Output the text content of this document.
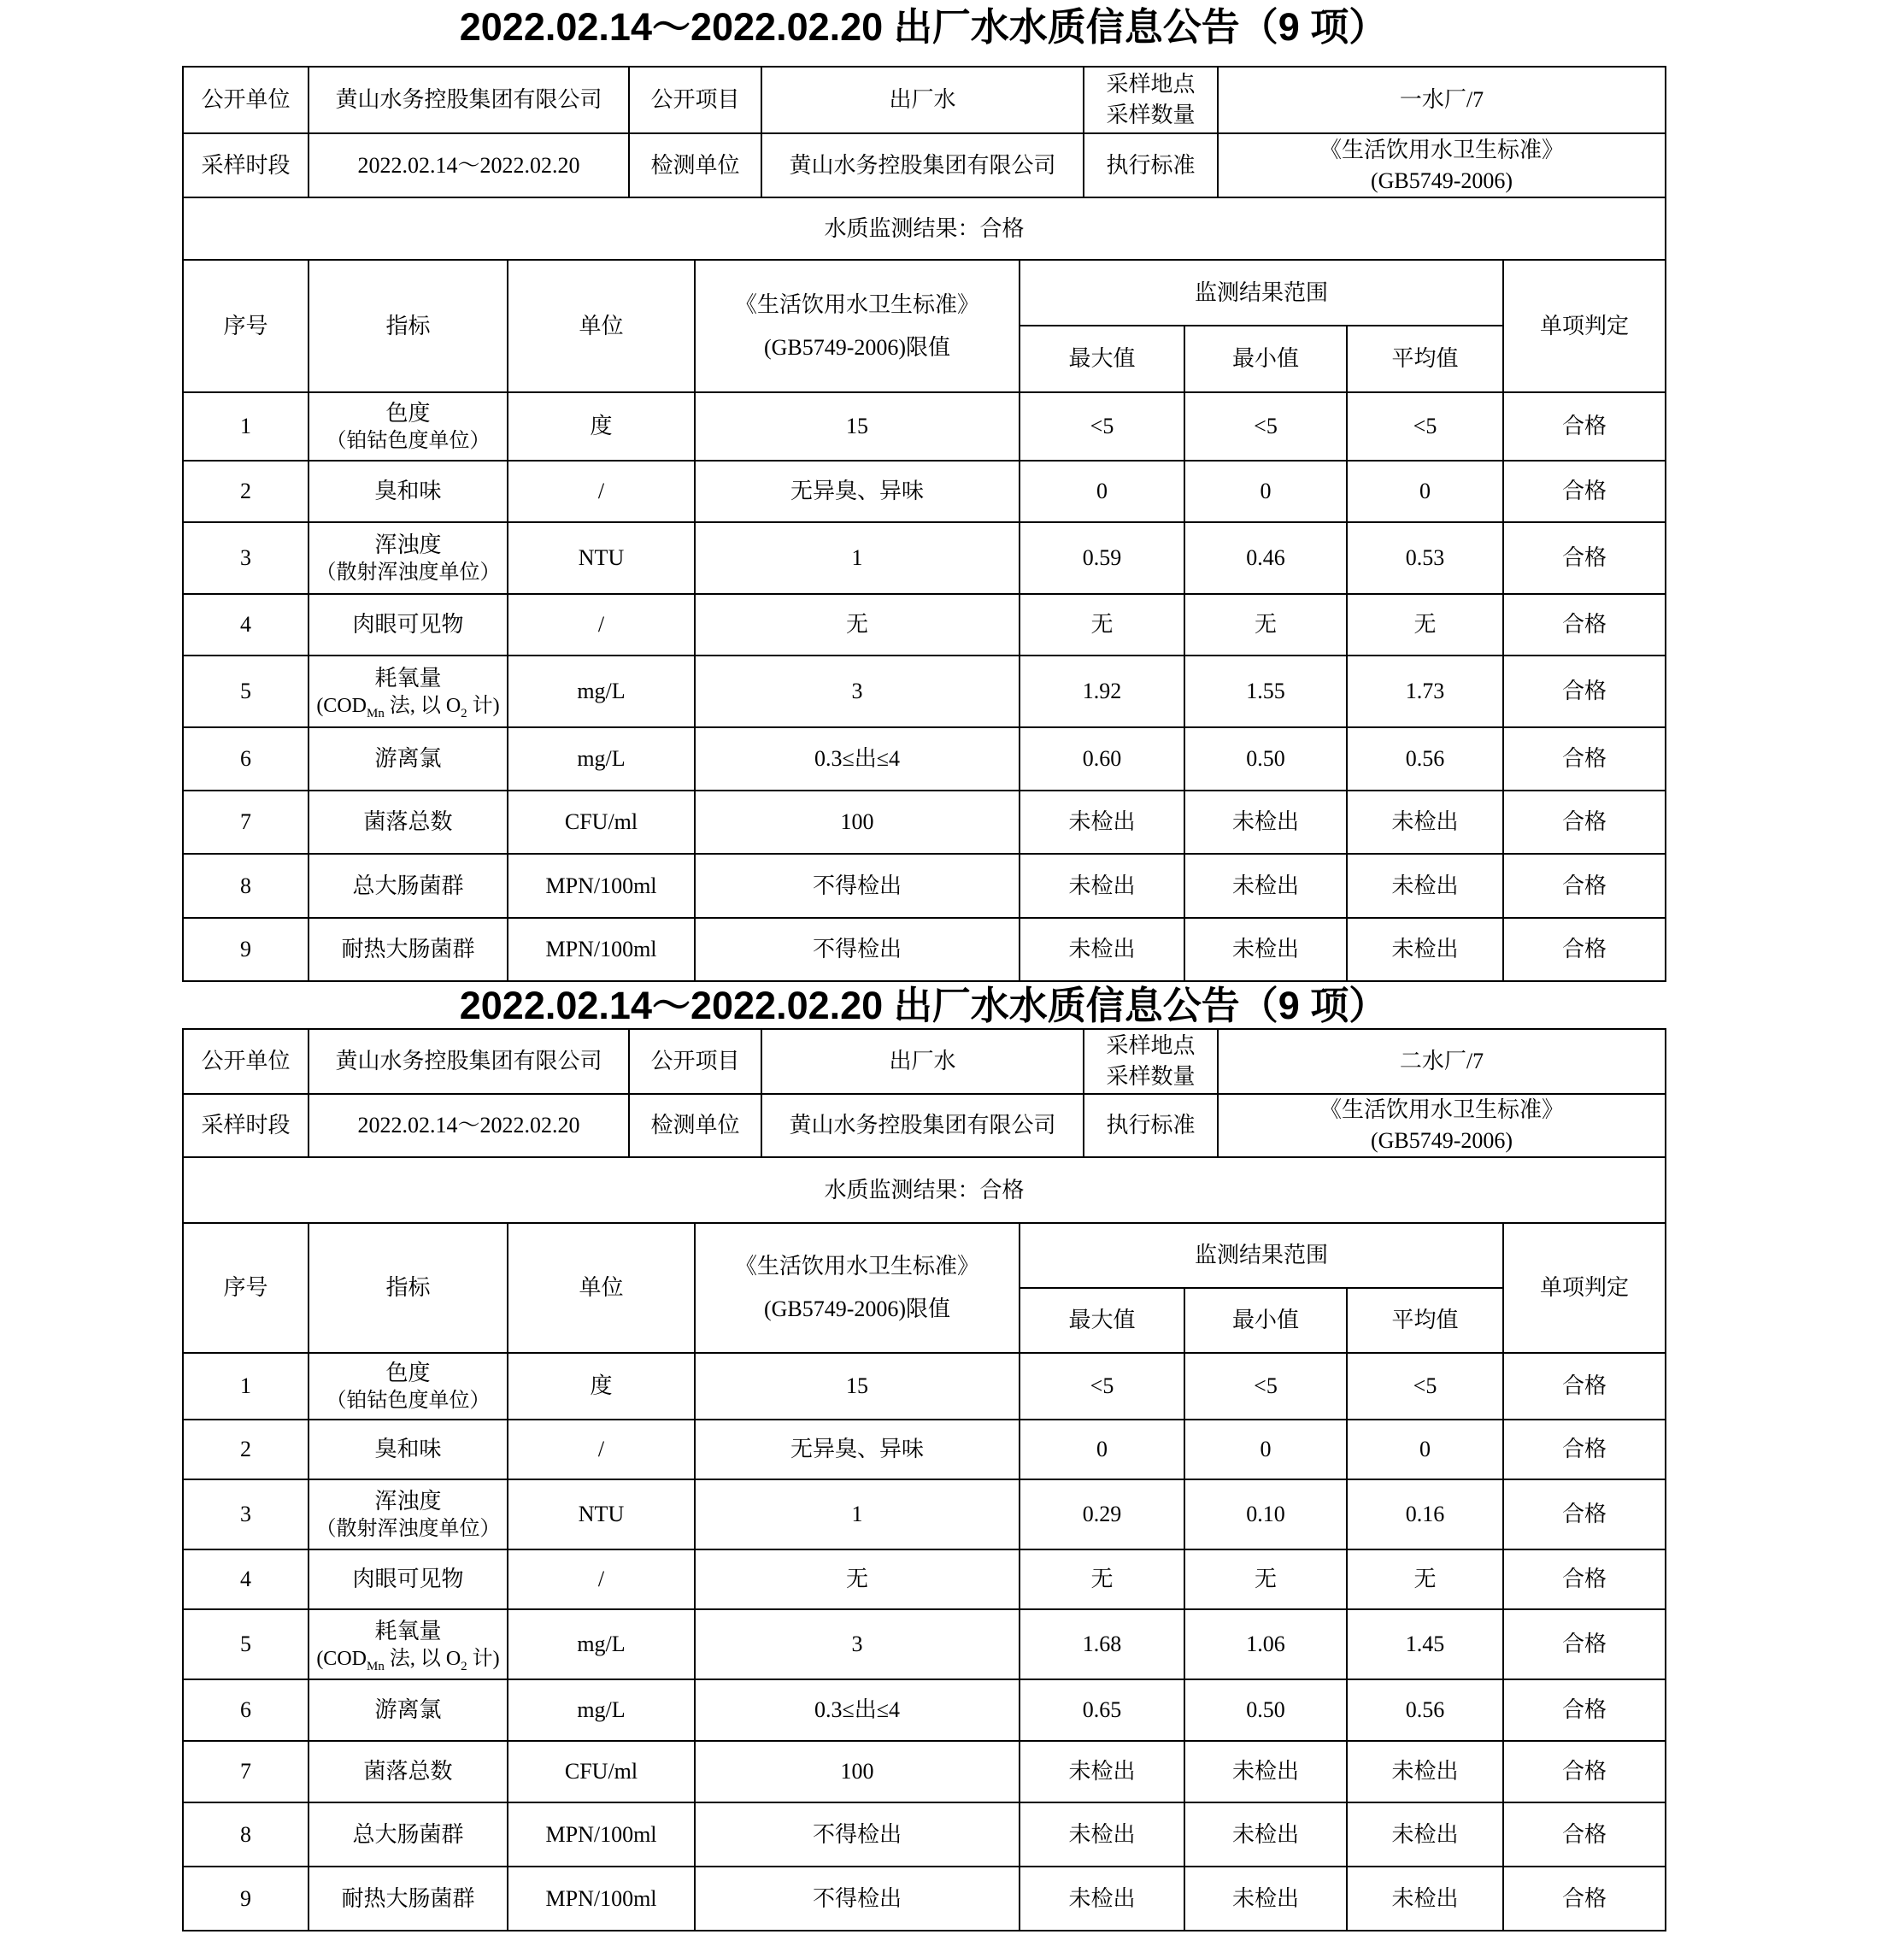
2022.02.14～2022.02.20 出厂水水质信息公告（9 项）
公开单位	黄山水务控股集团有限公司	公开项目	出厂水	采样地点
采样数量	一水厂/7
采样时段	2022.02.14～2022.02.20	检测单位	黄山水务控股集团有限公司	执行标准	《生活饮用水卫生标准》
(GB5749-2006)

水质监测结果：合格					
序号	指标	单位	《生活饮用水卫生标准》
(GB5749-2006)限值	监测结果范围			单项判定
				最大值	最小值	平均值	
1	色度
（铂钴色度单位）	度	15	<5	<5	<5	合格
2	臭和味	/	无异臭、异味	0	0	0	合格
3	浑浊度
（散射浑浊度单位）	NTU	1	0.59	0.46	0.53	合格
4	肉眼可见物	/	无	无	无	无	合格
5	耗氧量
($COD_{Mn}$ 法, 以 $O_2$ 计)	mg/L	3	1.92	1.55	1.73	合格
6	游离氯	mg/L	0.3≤出≤4	0.60	0.50	0.56	合格
7	菌落总数	CFU/ml	100	未检出	未检出	未检出	合格
8	总大肠菌群	MPN/100ml	不得检出	未检出	未检出	未检出	合格
9	耐热大肠菌群	MPN/100ml	不得检出	未检出	未检出	未检出	合格
2022.02.14～2022.02.20 出厂水水质信息公告（9 项）
公开单位	黄山水务控股集团有限公司	公开项目	出厂水	采样地点
采样数量	二水厂/7
采样时段	2022.02.14～2022.02.20	检测单位	黄山水务控股集团有限公司	执行标准	《生活饮用水卫生标准》
(GB5749-2006)

水质监测结果：合格					
序号	指标	单位	《生活饮用水卫生标准》
(GB5749-2006)限值	监测结果范围			单项判定
				最大值	最小值	平均值	
1	色度
（铂钴色度单位）	度	15	<5	<5	<5	合格
2	臭和味	/	无异臭、异味	0	0	0	合格
3	浑浊度
（散射浑浊度单位）	NTU	1	0.29	0.10	0.16	合格
4	肉眼可见物	/	无	无	无	无	合格
5	耗氧量
($COD_{Mn}$ 法, 以 $O_2$ 计)	mg/L	3	1.68	1.06	1.45	合格
6	游离氯	mg/L	0.3≤出≤4	0.65	0.50	0.56	合格
7	菌落总数	CFU/ml	100	未检出	未检出	未检出	合格
8	总大肠菌群	MPN/100ml	不得检出	未检出	未检出	未检出	合格
9	耐热大肠菌群	MPN/100ml	不得检出	未检出	未检出	未检出	合格
